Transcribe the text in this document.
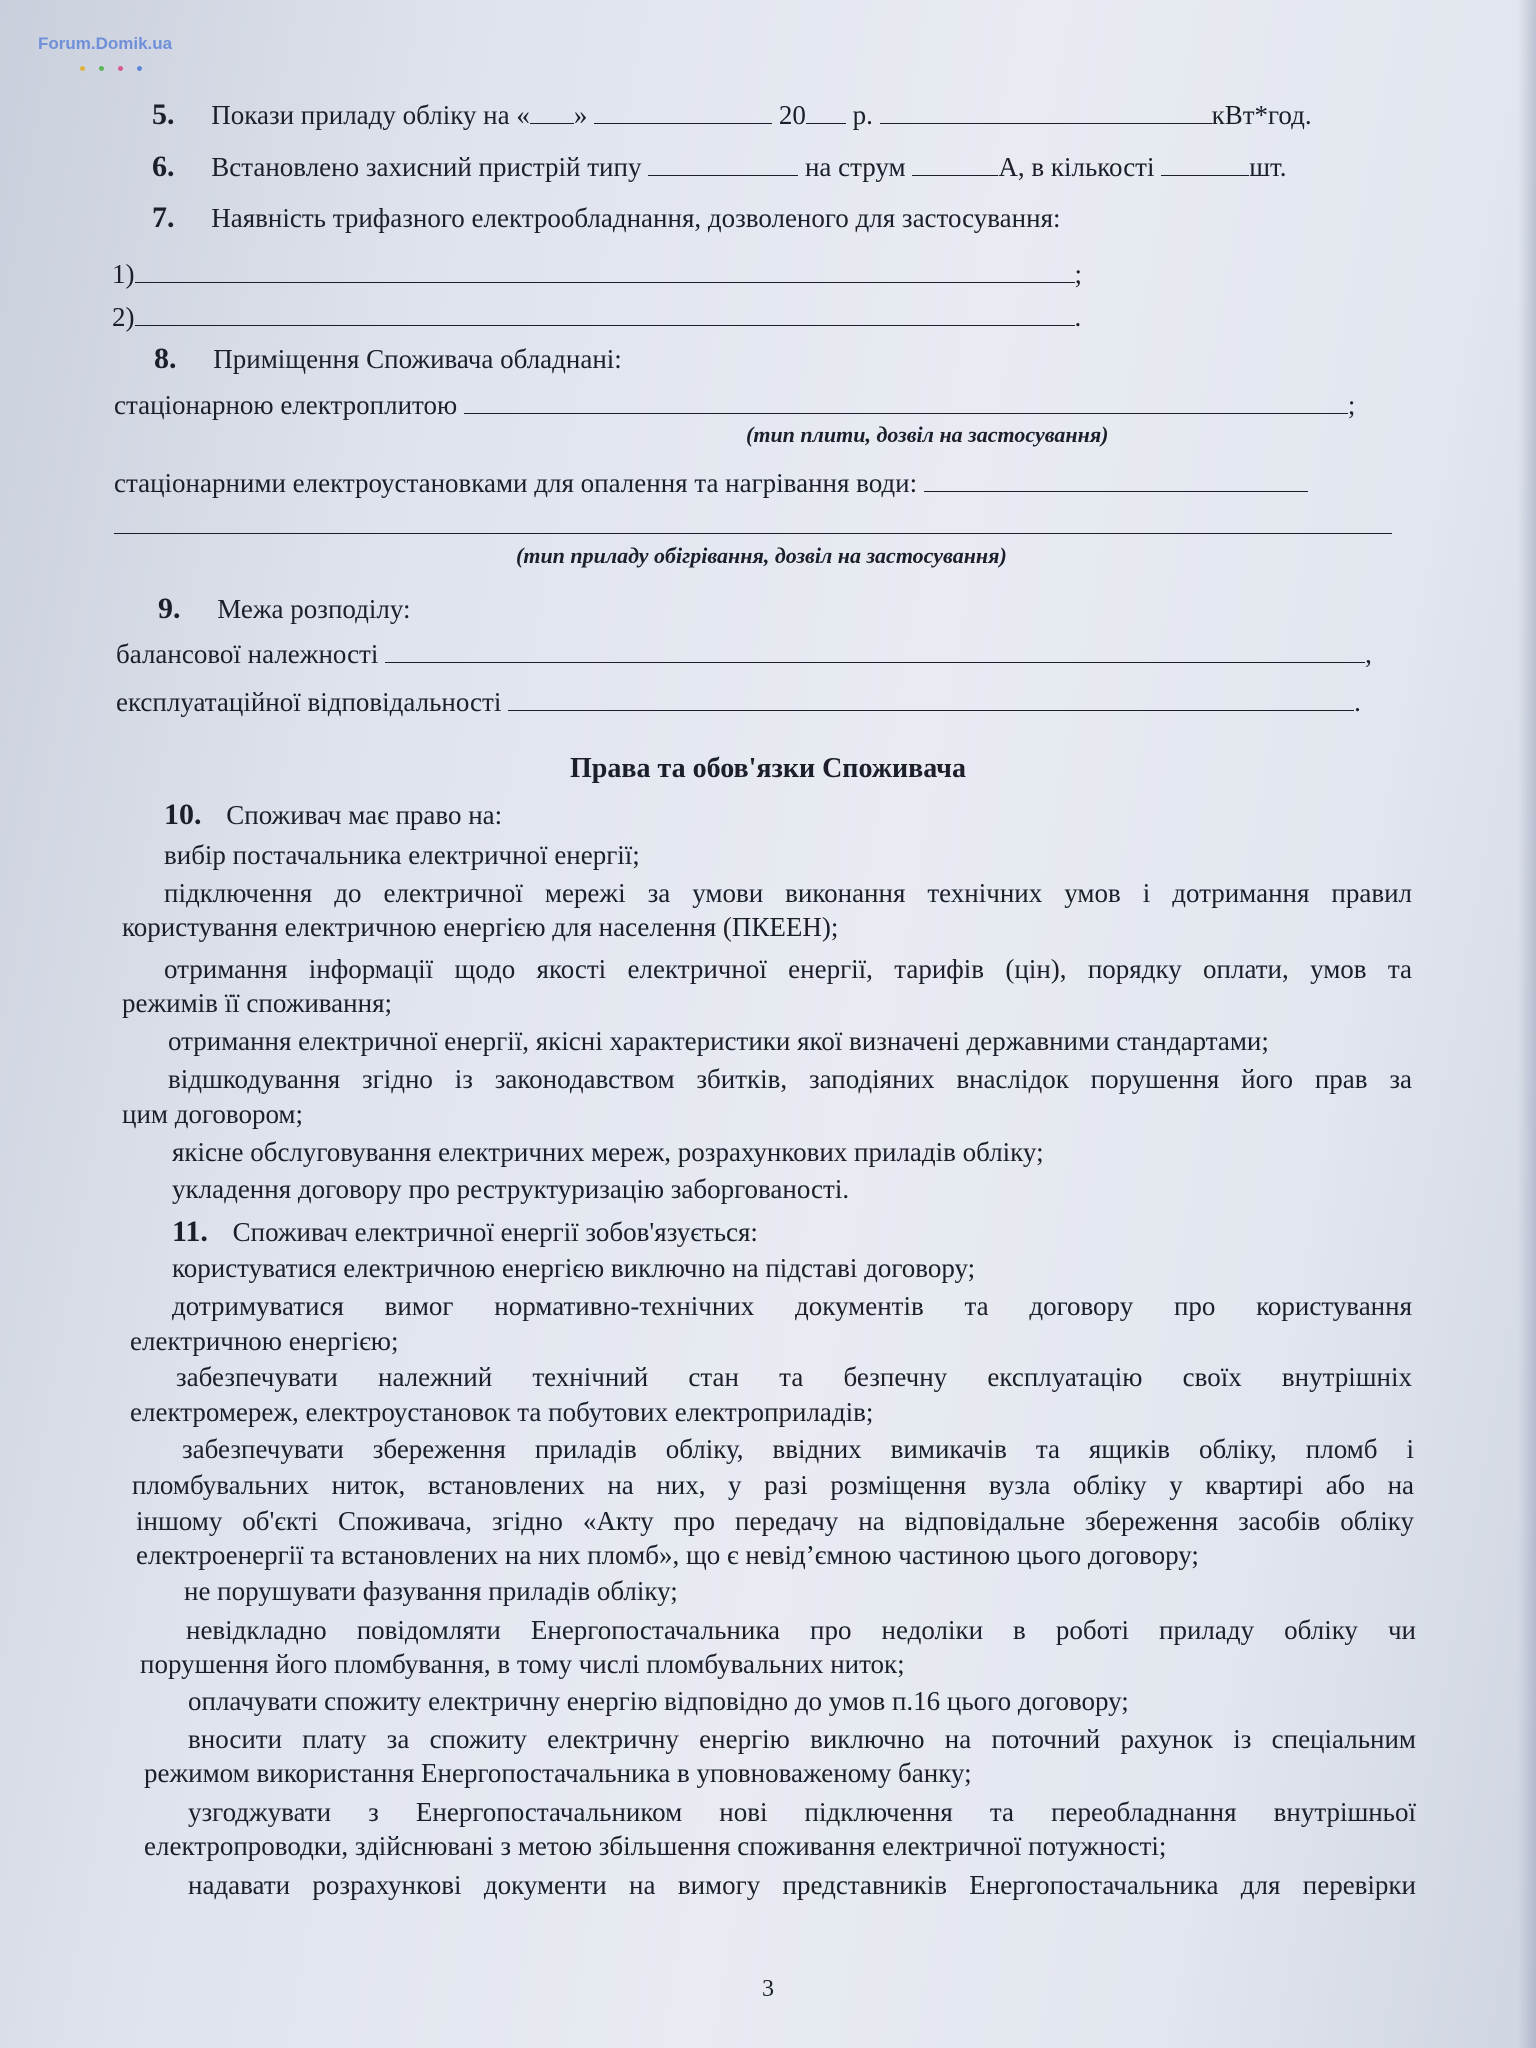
Forum.Domik.ua
5. Покази приладу обліку на « »	20 р.	кВт*год.
6. Встановлено захисний пристрій типу	на струм	А, в кількості	шт.
7. Наявність трифазного електрообладнання, дозволеного для застосування:
1)	;
2)	.
8. Приміщення Споживача обладнані:
стаціонарною електроплитою	;
(тип плити, дозвіл на застосування)
стаціонарними електроустановками для опалення та нагрівання води:
(тип приладу обігрівання, дозвіл на застосування)
9. Межа розподілу:
балансової належності	,
експлуатаційної відповідальності	.
Права та обов'язки Споживача
10. Споживач має право на:
вибір постачальника електричної енергії;
підключення до електричної мережі за умови виконання технічних умов і дотримання правил
користування електричною енергією для населення (ПКЕЕН);
отримання інформації щодо якості електричної енергії, тарифів (цін), порядку оплати, умов та
режимів її споживання;
отримання електричної енергії, якісні характеристики якої визначені державними стандартами;
відшкодування згідно із законодавством збитків, заподіяних внаслідок порушення його прав за
цим договором;
якісне обслуговування електричних мереж, розрахункових приладів обліку;
укладення договору про реструктуризацію заборгованості.
11. Споживач електричної енергії зобов'язується:
користуватися електричною енергією виключно на підставі договору;
дотримуватися вимог нормативно-технічних документів та договору про користування
електричною енергією;
забезпечувати належний технічний стан та безпечну експлуатацію своїх внутрішніх
електромереж, електроустановок та побутових електроприладів;
забезпечувати збереження приладів обліку, ввідних вимикачів та ящиків обліку, пломб і
пломбувальних ниток, встановлених на них, у разі розміщення вузла обліку у квартирі або на
іншому об'єкті Споживача, згідно «Акту про передачу на відповідальне збереження засобів обліку
електроенергії та встановлених на них пломб», що є невід’ємною частиною цього договору;
не порушувати фазування приладів обліку;
невідкладно повідомляти Енергопостачальника про недоліки в роботі приладу обліку чи
порушення його пломбування, в тому числі пломбувальних ниток;
оплачувати спожиту електричну енергію відповідно до умов п.16 цього договору;
вносити плату за спожиту електричну енергію виключно на поточний рахунок із спеціальним
режимом використання Енергопостачальника в уповноваженому банку;
узгоджувати з Енергопостачальником нові підключення та переобладнання внутрішньої
електропроводки, здійснювані з метою збільшення споживання електричної потужності;
надавати розрахункові документи на вимогу представників Енергопостачальника для перевірки
3
